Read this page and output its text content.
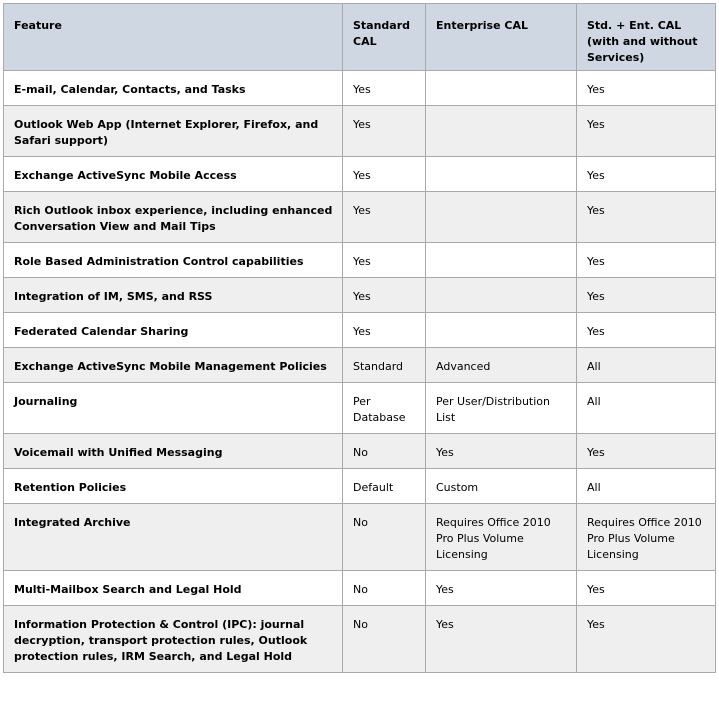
Feature	Standard CAL	Enterprise CAL	Std. + Ent. CAL (with and without Services)
E-mail, Calendar, Contacts, and Tasks	Yes		Yes
Outlook Web App (Internet Explorer, Firefox, and Safari support)	Yes		Yes
Exchange ActiveSync Mobile Access	Yes		Yes
Rich Outlook inbox experience, including enhanced Conversation View and Mail Tips	Yes		Yes
Role Based Administration Control capabilities	Yes		Yes
Integration of IM, SMS, and RSS	Yes		Yes
Federated Calendar Sharing	Yes		Yes
Exchange ActiveSync Mobile Management Policies	Standard	Advanced	All
Journaling	Per Database	Per User/Distribution List	All
Voicemail with Unified Messaging	No	Yes	Yes
Retention Policies	Default	Custom	All
Integrated Archive	No	Requires Office 2010 Pro Plus Volume Licensing	Requires Office 2010 Pro Plus Volume Licensing
Multi-Mailbox Search and Legal Hold	No	Yes	Yes
Information Protection & Control (IPC): journal decryption, transport protection rules, Outlook protection rules, IRM Search, and Legal Hold	No	Yes	Yes
